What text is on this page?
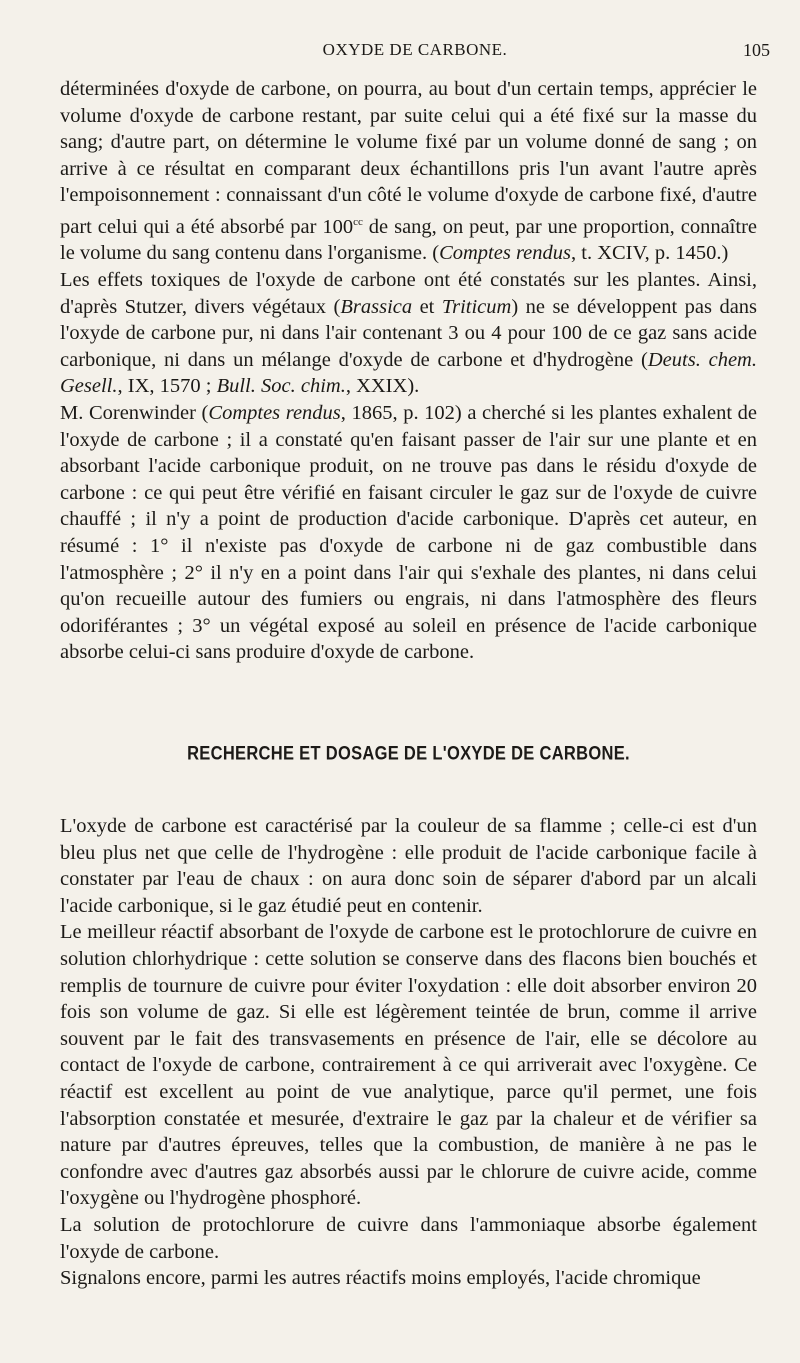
OXYDE DE CARBONE.	105

déterminées d'oxyde de carbone, on pourra, au bout d'un certain temps, apprécier le volume d'oxyde de carbone restant, par suite celui qui a été fixé sur la masse du sang; d'autre part, on détermine le volume fixé par un volume donné de sang ; on arrive à ce résultat en comparant deux échantillons pris l'un avant l'autre après l'empoisonnement : connaissant d'un côté le volume d'oxyde de carbone fixé, d'autre part celui qui a été absorbé par $100^{cc}$ de sang, on peut, par une proportion, connaître le volume du sang contenu dans l'organisme. (Comptes rendus, t. XCIV, p. 1450.)

Les effets toxiques de l'oxyde de carbone ont été constatés sur les plantes. Ainsi, d'après Stutzer, divers végétaux (Brassica et Triticum) ne se développent pas dans l'oxyde de carbone pur, ni dans l'air contenant 3 ou 4 pour 100 de ce gaz sans acide carbonique, ni dans un mélange d'oxyde de carbone et d'hydrogène (Deuts. chem. Gesell., IX, 1570 ; Bull. Soc. chim., XXIX).

M. Corenwinder (Comptes rendus, 1865, p. 102) a cherché si les plantes exhalent de l'oxyde de carbone ; il a constaté qu'en faisant passer de l'air sur une plante et en absorbant l'acide carbonique produit, on ne trouve pas dans le résidu d'oxyde de carbone : ce qui peut être vérifié en faisant circuler le gaz sur de l'oxyde de cuivre chauffé ; il n'y a point de production d'acide carbonique. D'après cet auteur, en résumé : 1° il n'existe pas d'oxyde de carbone ni de gaz combustible dans l'atmosphère ; 2° il n'y en a point dans l'air qui s'exhale des plantes, ni dans celui qu'on recueille autour des fumiers ou engrais, ni dans l'atmosphère des fleurs odoriférantes ; 3° un végétal exposé au soleil en présence de l'acide carbonique absorbe celui-ci sans produire d'oxyde de carbone.

RECHERCHE ET DOSAGE DE L'OXYDE DE CARBONE.

L'oxyde de carbone est caractérisé par la couleur de sa flamme ; celle-ci est d'un bleu plus net que celle de l'hydrogène : elle produit de l'acide carbonique facile à constater par l'eau de chaux : on aura donc soin de séparer d'abord par un alcali l'acide carbonique, si le gaz étudié peut en contenir.

Le meilleur réactif absorbant de l'oxyde de carbone est le protochlorure de cuivre en solution chlorhydrique : cette solution se conserve dans des flacons bien bouchés et remplis de tournure de cuivre pour éviter l'oxydation : elle doit absorber environ 20 fois son volume de gaz. Si elle est légèrement teintée de brun, comme il arrive souvent par le fait des transvasements en présence de l'air, elle se décolore au contact de l'oxyde de carbone, contrairement à ce qui arriverait avec l'oxygène. Ce réactif est excellent au point de vue analytique, parce qu'il permet, une fois l'absorption constatée et mesurée, d'extraire le gaz par la chaleur et de vérifier sa nature par d'autres épreuves, telles que la combustion, de manière à ne pas le confondre avec d'autres gaz absorbés aussi par le chlorure de cuivre acide, comme l'oxygène ou l'hydrogène phosphoré.

La solution de protochlorure de cuivre dans l'ammoniaque absorbe également l'oxyde de carbone.

Signalons encore, parmi les autres réactifs moins employés, l'acide chromique
